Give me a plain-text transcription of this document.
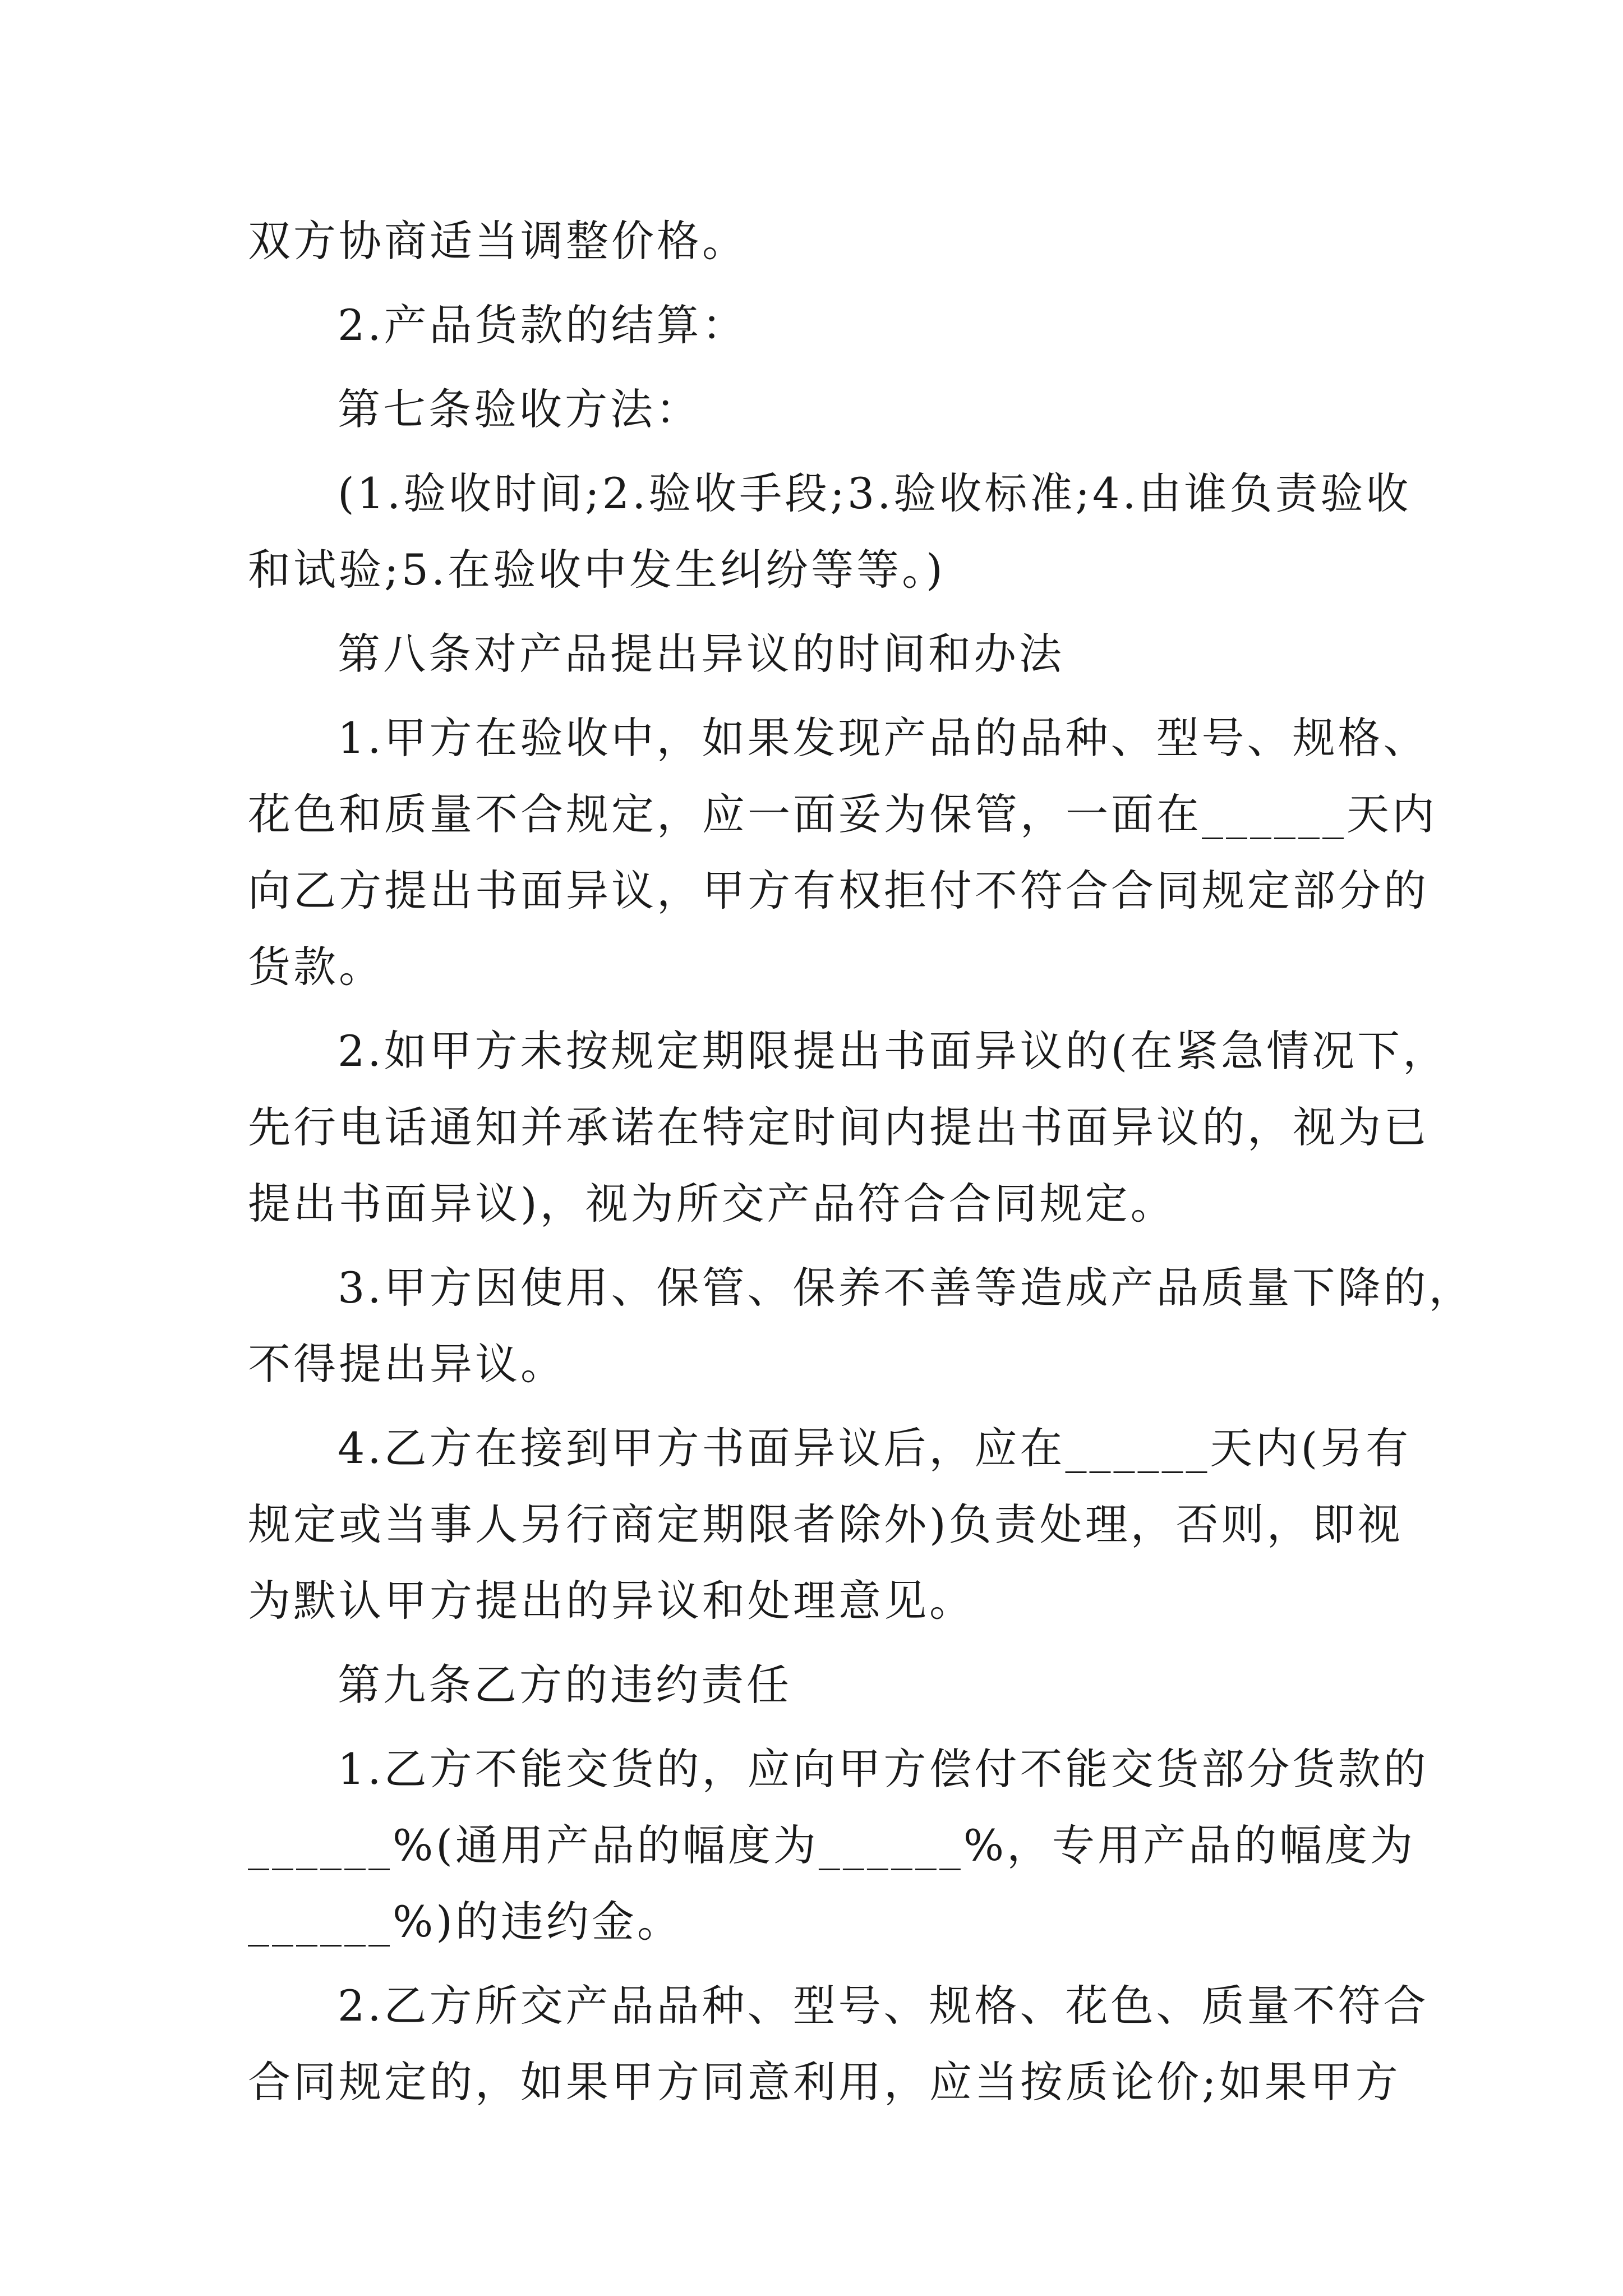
双方协商适当调整价格。
2.产品货款的结算：
第七条验收方法：
(1.验收时间;2.验收手段;3.验收标准;4.由谁负责验收
和试验;5.在验收中发生纠纷等等。)
第八条对产品提出异议的时间和办法
1.甲方在验收中，如果发现产品的品种、型号、规格、
花色和质量不合规定，应一面妥为保管，一面在______天内
向乙方提出书面异议，甲方有权拒付不符合合同规定部分的
货款。
2.如甲方未按规定期限提出书面异议的(在紧急情况下，
先行电话通知并承诺在特定时间内提出书面异议的，视为已
提出书面异议)，视为所交产品符合合同规定。
3.甲方因使用、保管、保养不善等造成产品质量下降的，
不得提出异议。
4.乙方在接到甲方书面异议后，应在______天内(另有
规定或当事人另行商定期限者除外)负责处理，否则，即视
为默认甲方提出的异议和处理意见。
第九条乙方的违约责任
1.乙方不能交货的，应向甲方偿付不能交货部分货款的
______%(通用产品的幅度为______%，专用产品的幅度为
______%)的违约金。
2.乙方所交产品品种、型号、规格、花色、质量不符合
合同规定的，如果甲方同意利用，应当按质论价;如果甲方
